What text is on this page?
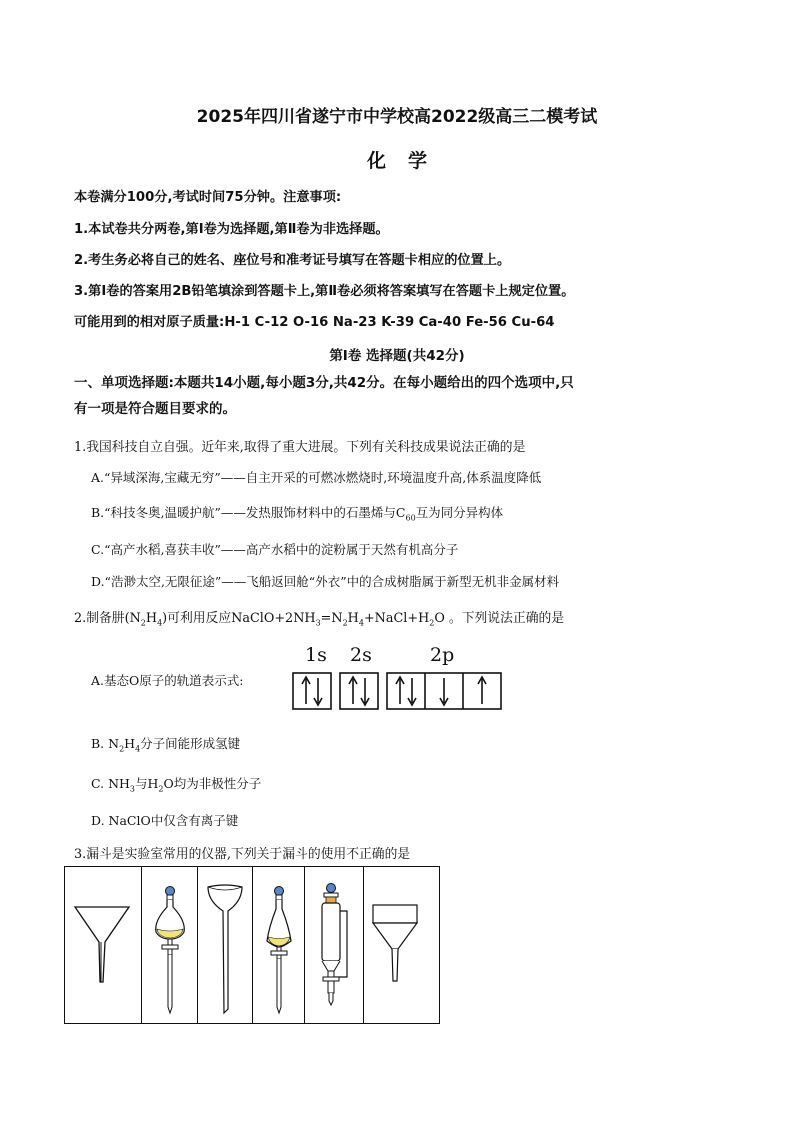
2025年四川省遂宁市中学校高2022级高三二模考试
化学
本卷满分100分,考试时间75分钟。注意事项:
1.本试卷共分两卷,第Ⅰ卷为选择题,第Ⅱ卷为非选择题。
2.考生务必将自己的姓名、座位号和准考证号填写在答题卡相应的位置上。
3.第Ⅰ卷的答案用2B铅笔填涂到答题卡上,第Ⅱ卷必须将答案填写在答题卡上规定位置。
可能用到的相对原子质量:H-1 C-12 O-16 Na-23 K-39 Ca-40 Fe-56 Cu-64
第Ⅰ卷 选择题(共42分)
一、单项选择题:本题共14小题,每小题3分,共42分。在每小题给出的四个选项中,只
有一项是符合题目要求的。
1.我国科技自立自强。近年来,取得了重大进展。下列有关科技成果说法正确的是
A.“异域深海,宝藏无穷”——自主开采的可燃冰燃烧时,环境温度升高,体系温度降低
B.“科技冬奥,温暖护航”——发热服饰材料中的石墨烯与$C_{60}$互为同分异构体
C.“高产水稻,喜获丰收”——高产水稻中的淀粉属于天然有机高分子
D.“浩渺太空,无限征途”——飞船返回舱“外衣”中的合成树脂属于新型无机非金属材料
2.制备肼$(N_2H_4)$可利用反应$NaClO+2NH_3=N_2H_4+NaCl+H_2O$ 。下列说法正确的是
A.基态O原子的轨道表示式:
1s 2s	2p
B. $N_2H_4$分子间能形成氢键
C. $NH_3$与$H_2O$均为非极性分子
D. NaClO中仅含有离子键
3.漏斗是实验室常用的仪器,下列关于漏斗的使用不正确的是
